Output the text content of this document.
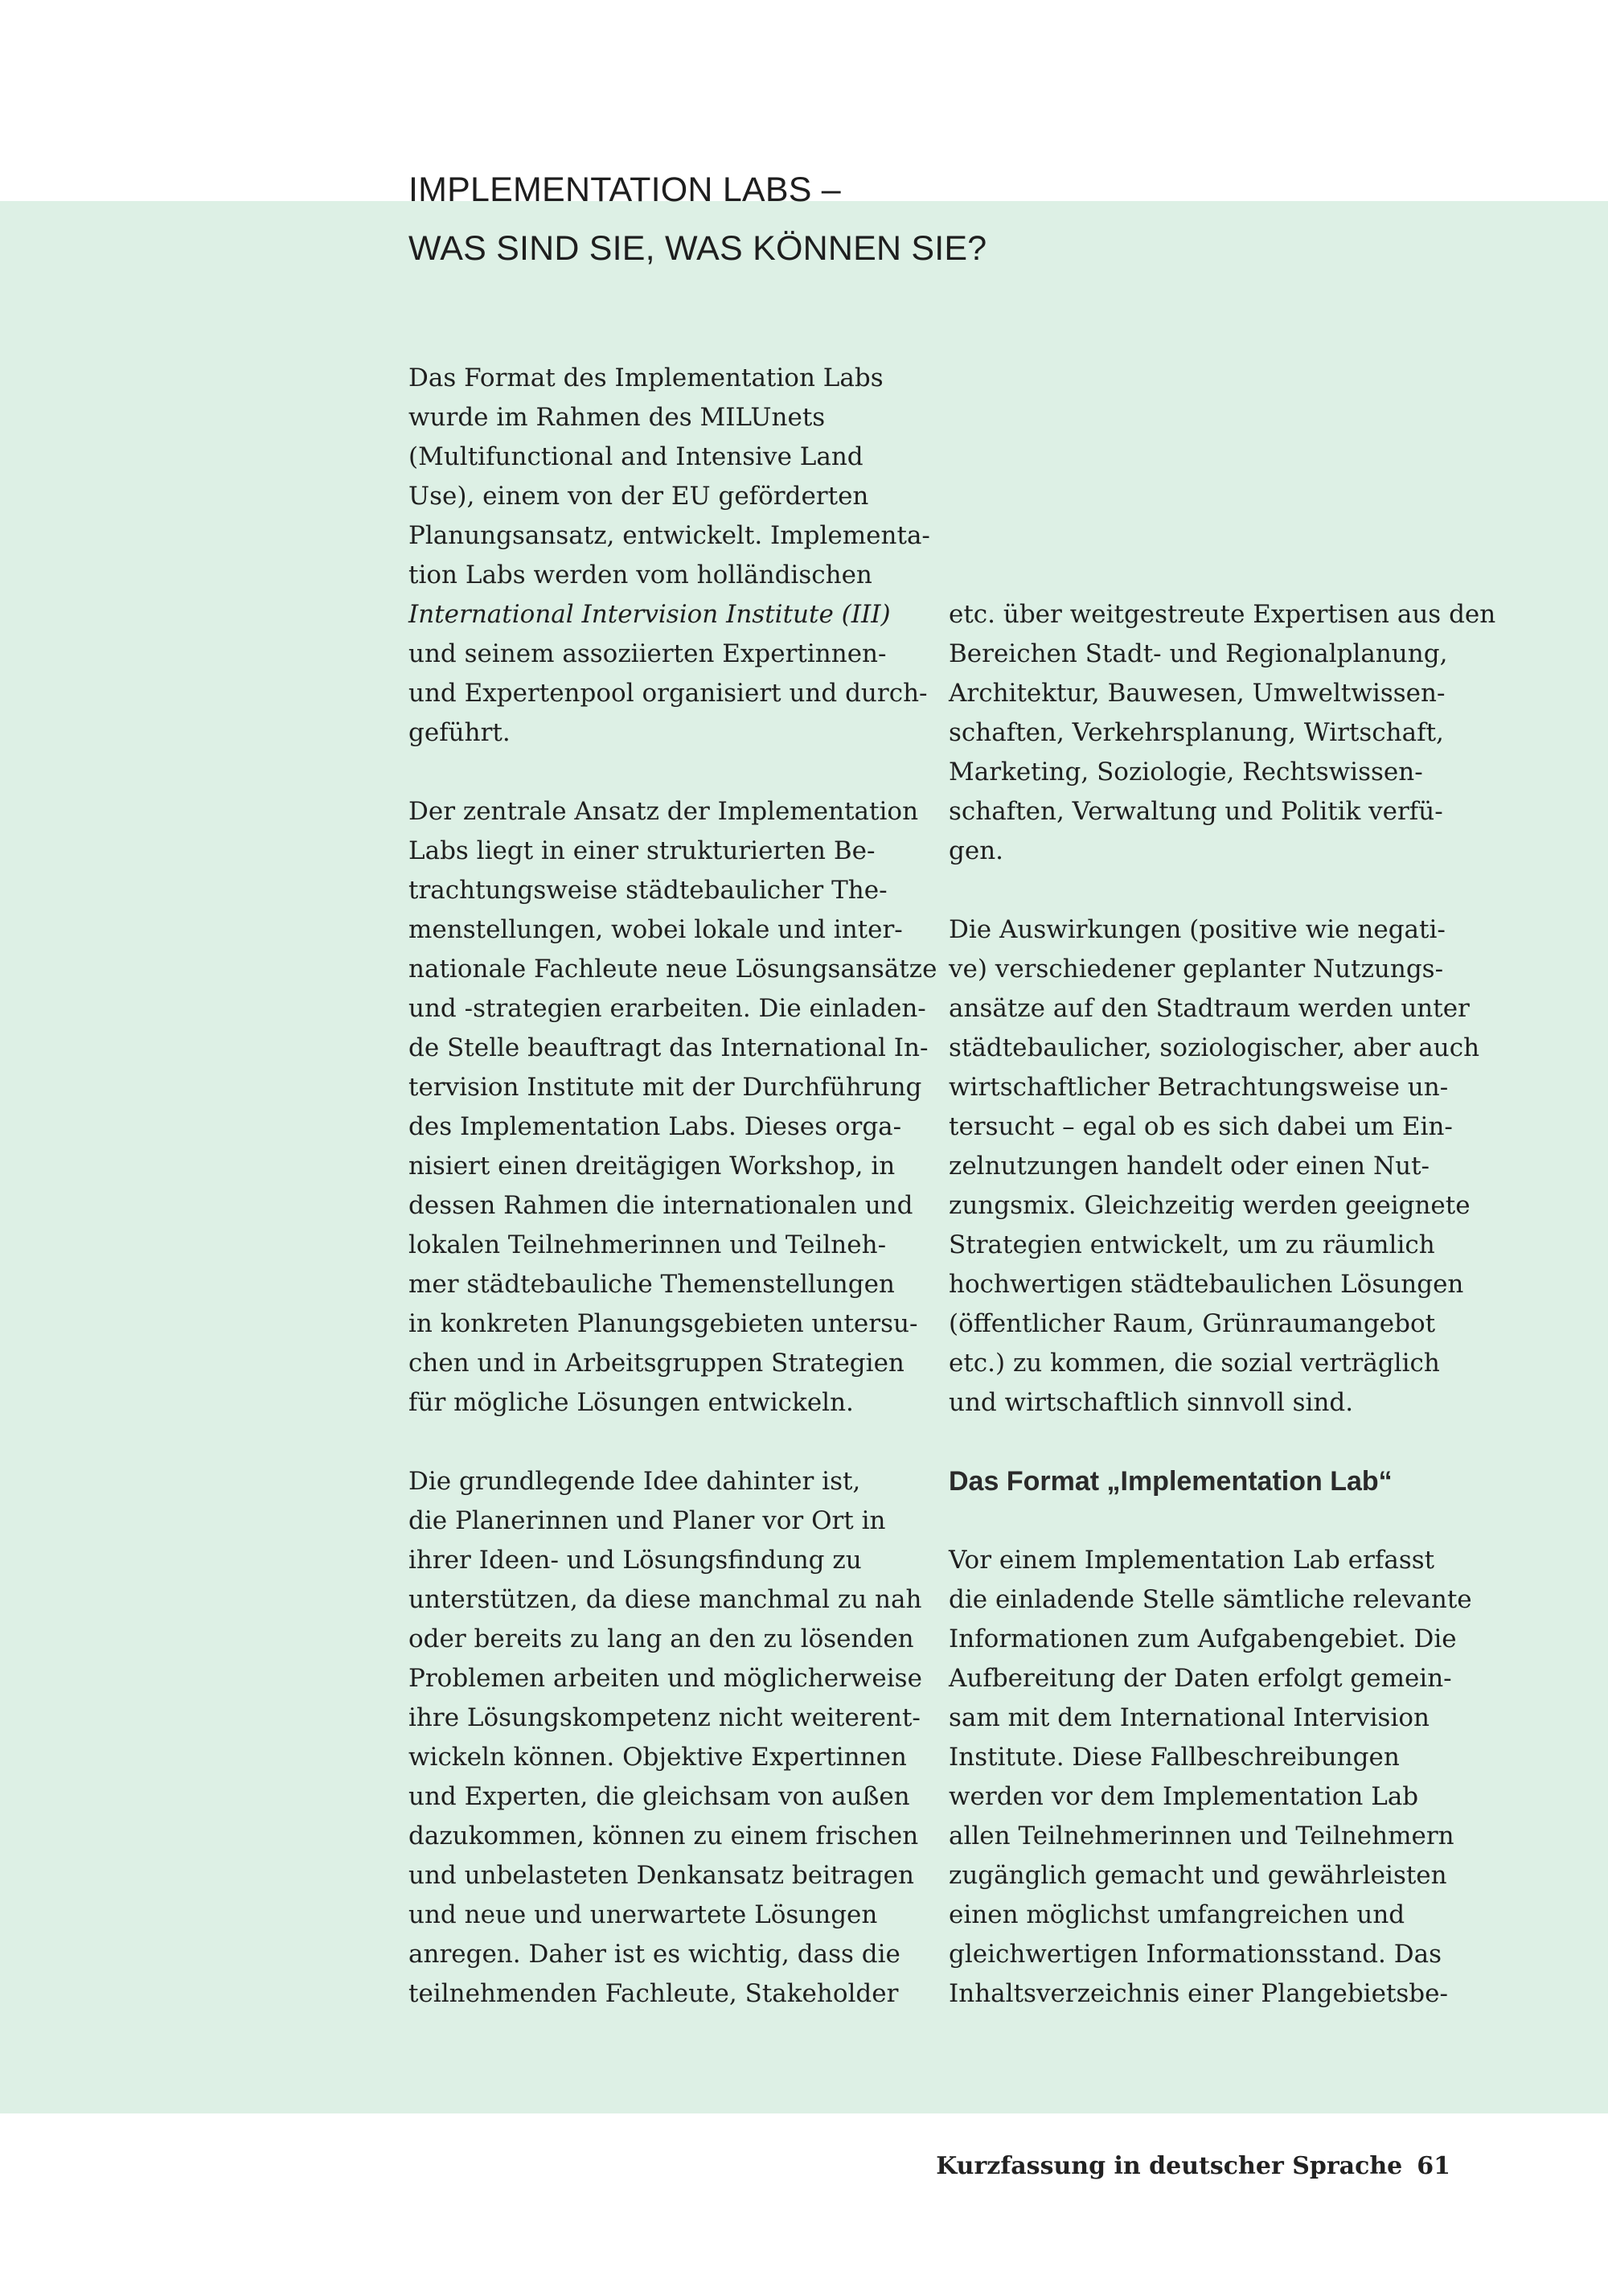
IMPLEMENTATION LABS –
WAS SIND SIE, WAS KÖNNEN SIE?

Das Format des Implementation Labs
wurde im Rahmen des MILUnets
(Multifunctional and Intensive Land
Use), einem von der EU geförderten
Planungsansatz, entwickelt. Implementa-
tion Labs werden vom holländischen
International Intervision Institute (III)
und seinem assoziierten Expertinnen-
und Expertenpool organisiert und durch-
geführt.

Der zentrale Ansatz der Implementation
Labs liegt in einer strukturierten Be-
trachtungsweise städtebaulicher The-
menstellungen, wobei lokale und inter-
nationale Fachleute neue Lösungsansätze
und -strategien erarbeiten. Die einladen-
de Stelle beauftragt das International In-
tervision Institute mit der Durchführung
des Implementation Labs. Dieses orga-
nisiert einen dreitägigen Workshop, in
dessen Rahmen die internationalen und
lokalen Teilnehmerinnen und Teilneh-
mer städtebauliche Themenstellungen
in konkreten Planungsgebieten untersu-
chen und in Arbeitsgruppen Strategien
für mögliche Lösungen entwickeln.

Die grundlegende Idee dahinter ist,
die Planerinnen und Planer vor Ort in
ihrer Ideen- und Lösungsfindung zu
unterstützen, da diese manchmal zu nah
oder bereits zu lang an den zu lösenden
Problemen arbeiten und möglicherweise
ihre Lösungskompetenz nicht weiterent-
wickeln können. Objektive Expertinnen
und Experten, die gleichsam von außen
dazukommen, können zu einem frischen
und unbelasteten Denkansatz beitragen
und neue und unerwartete Lösungen
anregen. Daher ist es wichtig, dass die
teilnehmenden Fachleute, Stakeholder

etc. über weitgestreute Expertisen aus den
Bereichen Stadt- und Regionalplanung,
Architektur, Bauwesen, Umweltwissen-
schaften, Verkehrsplanung, Wirtschaft,
Marketing, Soziologie, Rechtswissen-
schaften, Verwaltung und Politik verfü-
gen.

Die Auswirkungen (positive wie negati-
ve) verschiedener geplanter Nutzungs-
ansätze auf den Stadtraum werden unter
städtebaulicher, soziologischer, aber auch
wirtschaftlicher Betrachtungsweise un-
tersucht – egal ob es sich dabei um Ein-
zelnutzungen handelt oder einen Nut-
zungsmix. Gleichzeitig werden geeignete
Strategien entwickelt, um zu räumlich
hochwertigen städtebaulichen Lösungen
(öffentlicher Raum, Grünraumangebot
etc.) zu kommen, die sozial verträglich
und wirtschaftlich sinnvoll sind.

Das Format „Implementation Lab“

Vor einem Implementation Lab erfasst
die einladende Stelle sämtliche relevante
Informationen zum Aufgabengebiet. Die
Aufbereitung der Daten erfolgt gemein-
sam mit dem International Intervision
Institute. Diese Fallbeschreibungen
werden vor dem Implementation Lab
allen Teilnehmerinnen und Teilnehmern
zugänglich gemacht und gewährleisten
einen möglichst umfangreichen und
gleichwertigen Informationsstand. Das
Inhaltsverzeichnis einer Plangebietsbe-

Kurzfassung in deutscher Sprache 61
